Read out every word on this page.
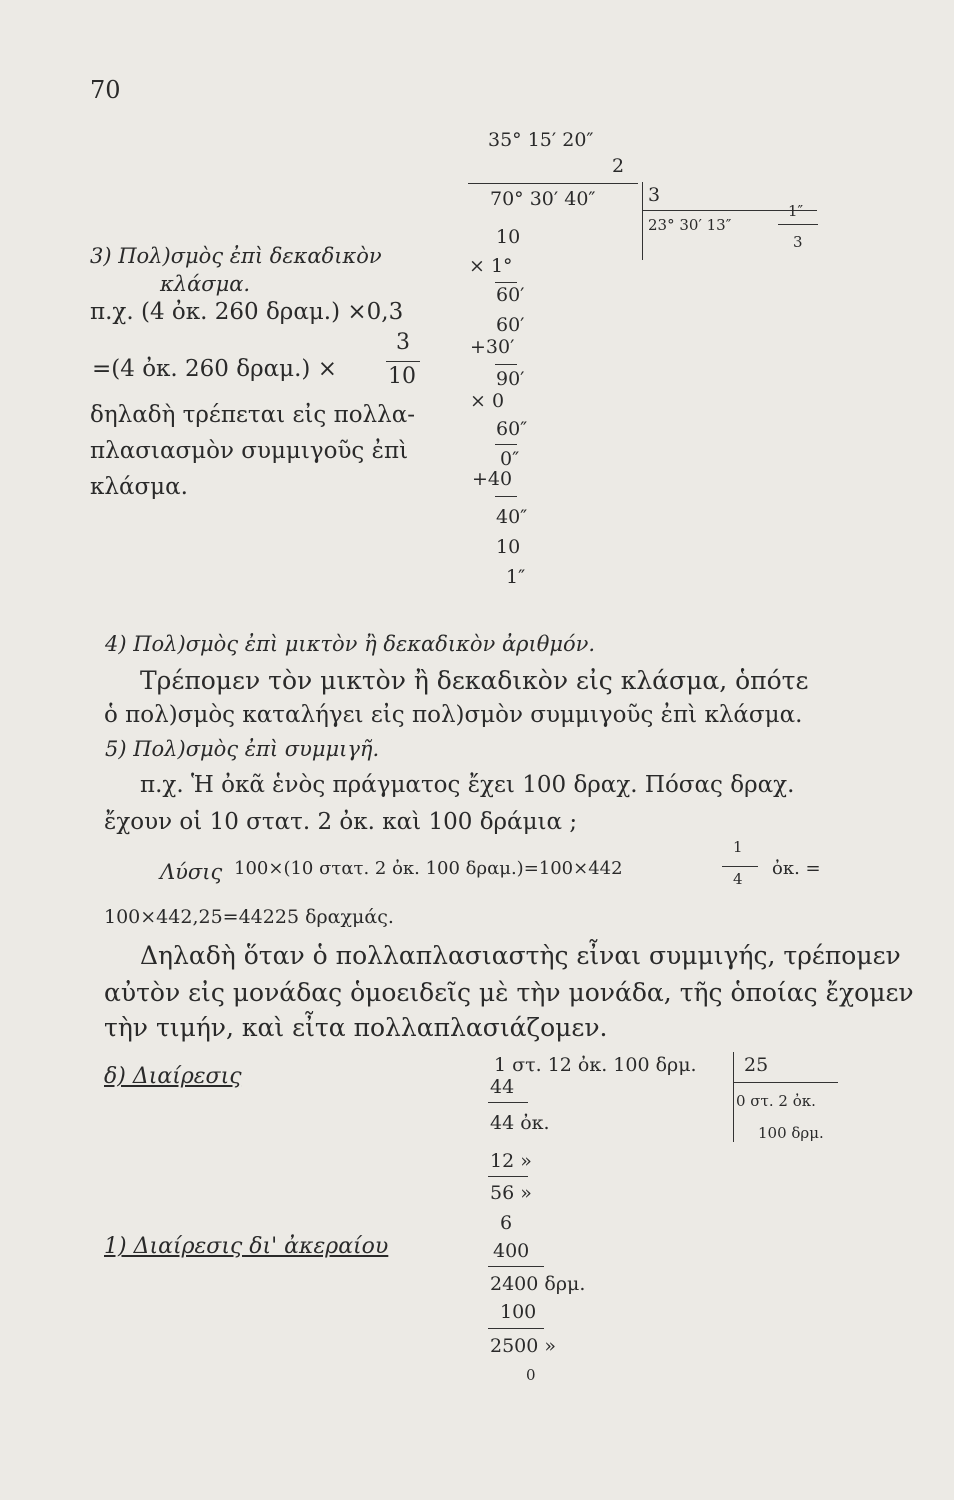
70
35° 15′ 20″
2
70° 30′ 40″	3
23° 30′ 13″
1″
3
10
× 1°
60′
60′
+30′
90′
× 0
60″
0″
+40
40″
10
1″
3) Πολ)σμὸς ἐπὶ δεκαδικὸν
κλάσμα.
π.χ. (4 ὀκ. 260 δραμ.) ×0,3
=(4 ὀκ. 260 δραμ.) ×
3
10
δηλαδὴ τρέπεται εἰς πολλα-
πλασιασμὸν συμμιγοῦς ἐπὶ
κλάσμα.
4) Πολ)σμὸς ἐπὶ μικτὸν ἢ δεκαδικὸν ἀριθμόν.
Τρέπομεν τὸν μικτὸν ἢ δεκαδικὸν εἰς κλάσμα, ὁπότε
ὁ πολ)σμὸς καταλήγει εἰς πολ)σμὸν συμμιγοῦς ἐπὶ κλάσμα.
5) Πολ)σμὸς ἐπὶ συμμιγῆ.
π.χ. Ἡ ὀκᾶ ἑνὸς πράγματος ἔχει 100 δραχ. Πόσας δραχ.
ἔχουν οἱ 10 στατ. 2 ὀκ. καὶ 100 δράμια ;
Λύσις 100×(10 στατ. 2 ὀκ. 100 δραμ.)=100×442
1
4 ὀκ. =
100×442,25=44225 δραχμάς.
Δηλαδὴ ὅταν ὁ πολλαπλασιαστὴς εἶναι συμμιγής, τρέπομεν
αὐτὸν εἰς μονάδας ὁμοειδεῖς μὲ τὴν μονάδα, τῆς ὁποίας ἔχομεν
τὴν τιμήν, καὶ εἶτα πολλαπλασιάζομεν.
δ) Διαίρεσις
1) Διαίρεσις δι' ἀκεραίου
1 στ. 12 ὀκ. 100 δρμ. 25
0 στ. 2 ὀκ.
100 δρμ.
44
44 ὀκ.
12 »
56 »
6
400
2400 δρμ.
100
2500 »
0
